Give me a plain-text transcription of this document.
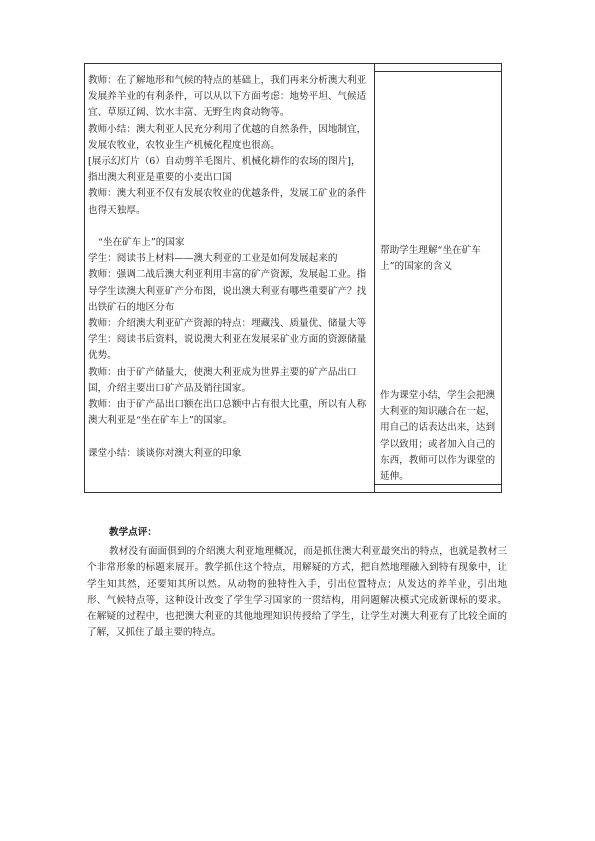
教师：在了解地形和气候的特点的基础上，我们再来分析澳大利亚发展养羊业的有利条件，可以从以下方面考虑：地势平坦、气候适宜、草原辽阔、饮水丰富、无野生肉食动物等。

教师小结：澳大利亚人民充分利用了优越的自然条件，因地制宜，发展农牧业，农牧业生产机械化程度也很高。

[展示幻灯片（6）自动剪羊毛图片、机械化耕作的农场的图片]，指出澳大利亚是重要的小麦出口国

教师：澳大利亚不仅有发展农牧业的优越条件，发展工矿业的条件也得天独厚。

“坐在矿车上”的国家

学生：阅读书上材料——澳大利亚的工业是如何发展起来的

教师：强调二战后澳大利亚利用丰富的矿产资源，发展起工业。指导学生读澳大利亚矿产分布图，说出澳大利亚有哪些重要矿产？找出铁矿石的地区分布

教师：介绍澳大利亚矿产资源的特点：埋藏浅、质量优、储量大等

学生：阅读书后资料，说说澳大利亚在发展采矿业方面的资源储量优势。

教师：由于矿产储量大，使澳大利亚成为世界主要的矿产品出口国，介绍主要出口矿产品及销往国家。

教师：由于矿产品出口额在出口总额中占有很大比重，所以有人称澳大利亚是“坐在矿车上”的国家。

课堂小结：谈谈你对澳大利亚的印象

帮助学生理解“坐在矿车上”的国家的含义

作为课堂小结，学生会把澳大利亚的知识融合在一起，用自己的话表达出来，达到学以致用；或者加入自己的东西，教师可以作为课堂的延伸。

教学点评：

教材没有面面俱到的介绍澳大利亚地理概况，而是抓住澳大利亚最突出的特点，也就是教材三个非常形象的标题来展开。教学抓住这个特点，用解疑的方式，把自然地理融入到特有现象中，让学生知其然，还要知其所以然。从动物的独特性入手，引出位置特点；从发达的养羊业，引出地形、气候特点等，这种设计改变了学生学习国家的一贯结构，用问题解决模式完成新课标的要求。在解疑的过程中，也把澳大利亚的其他地理知识传授给了学生，让学生对澳大利亚有了比较全面的了解，又抓住了最主要的特点。
